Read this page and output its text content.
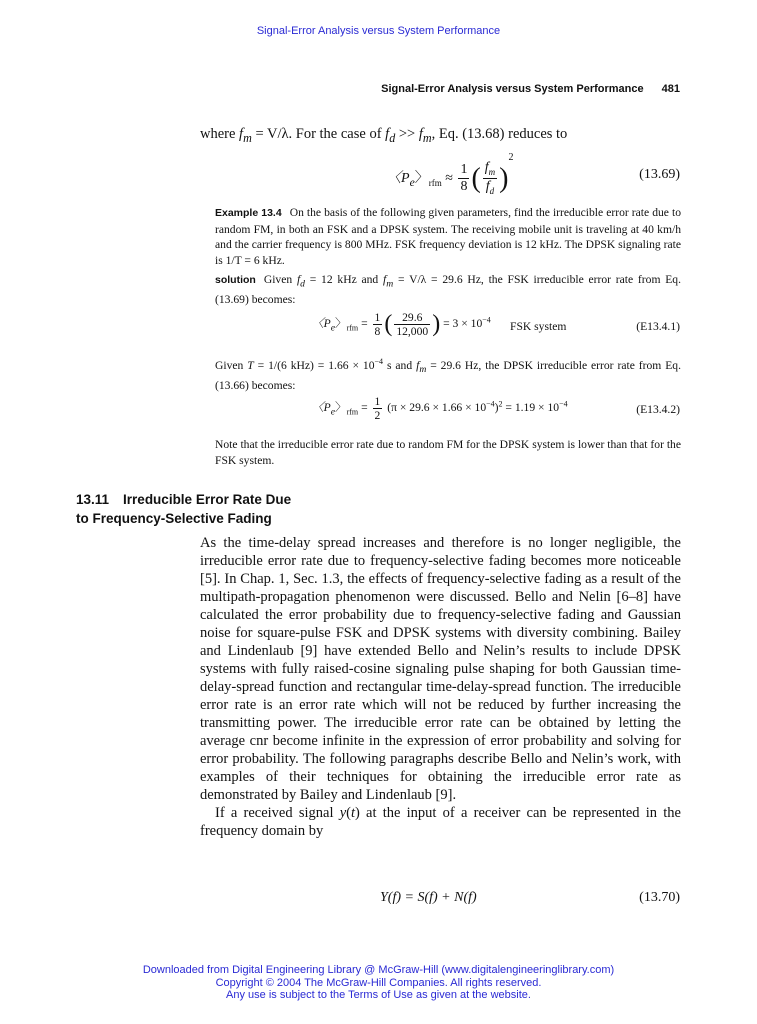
Signal-Error Analysis versus System Performance
Signal-Error Analysis versus System Performance 481
where $f_m = V/\lambda$. For the case of $f_d >> f_m$, Eq. (13.68) reduces to
〈$P_e$〉$_{rfm} \approx \frac{1}{8}$ ( $\frac{f_m}{f_d} )^2$
(13.69)
Example 13.4 On the basis of the following given parameters, find the irreducible error rate due to random FM, in both an FSK and a DPSK system. The receiving mobile unit is traveling at 40 km/h and the carrier frequency is 800 MHz. FSK frequency deviation is 12 kHz. The DPSK signaling rate is 1/T = 6 kHz.
solution Given $f_d = 12$ kHz and $f_m = V/\lambda = 29.6$ Hz, the FSK irreducible error rate from Eq. (13.69) becomes:
〈$P_e$〉$_{rfm} = \frac{1}{8}$ ( $\frac{29.6}{12,000}$ ) = $3 \times 10^{-4}$
FSK system	(E13.4.1)
Given T = 1/(6 $kHz) = 1.66 \times 10^{-4}$ s and $f_m = 29.6$ Hz, the DPSK irreducible error rate from Eq. (13.66) becomes:
〈$P_e$〉$_{rfm} = \frac{1}{2} (\pi \times 29.6 \times 1.66 \times 10^{-4})^2 = 1.19 \times 10^{-4}$	(E13.4.2)
Note that the irreducible error rate due to random FM for the DPSK system is lower than that for the FSK system.
13.11 Irreducible Error Rate Due
to Frequency-Selective Fading

As the time-delay spread increases and therefore is no longer negligible, the irreducible error rate due to frequency-selective fading becomes more noticeable [5]. In Chap. 1, Sec. 1.3, the effects of frequency-selective fading as a result of the multipath-propagation phenomenon were discussed. Bello and Nelin [6–8] have calculated the error probability due to frequency-selective fading and Gaussian noise for square-pulse FSK and DPSK systems with diversity combining. Bailey and Lindenlaub [9] have extended Bello and Nelin’s results to include DPSK systems with fully raised-cosine signaling pulse shaping for both Gaussian time-delay-spread function and rectangular time-delay-spread function. The irreducible error rate is an error rate which will not be reduced by further increasing the transmitting power. The irreducible error rate can be obtained by letting the average cnr become infinite in the expression of error probability and solving for error probability. The following paragraphs describe Bello and Nelin’s work, with examples of their techniques for obtaining the irreducible error rate as demonstrated by Bailey and Lindenlaub [9].

If a received signal y(t) at the input of a receiver can be represented in the frequency domain by

Y(f) = S(f) + N(f)	(13.70)
Downloaded from Digital Engineering Library @ McGraw-Hill (www.digitalengineeringlibrary.com)
Copyright © 2004 The McGraw-Hill Companies. All rights reserved.
Any use is subject to the Terms of Use as given at the website.
